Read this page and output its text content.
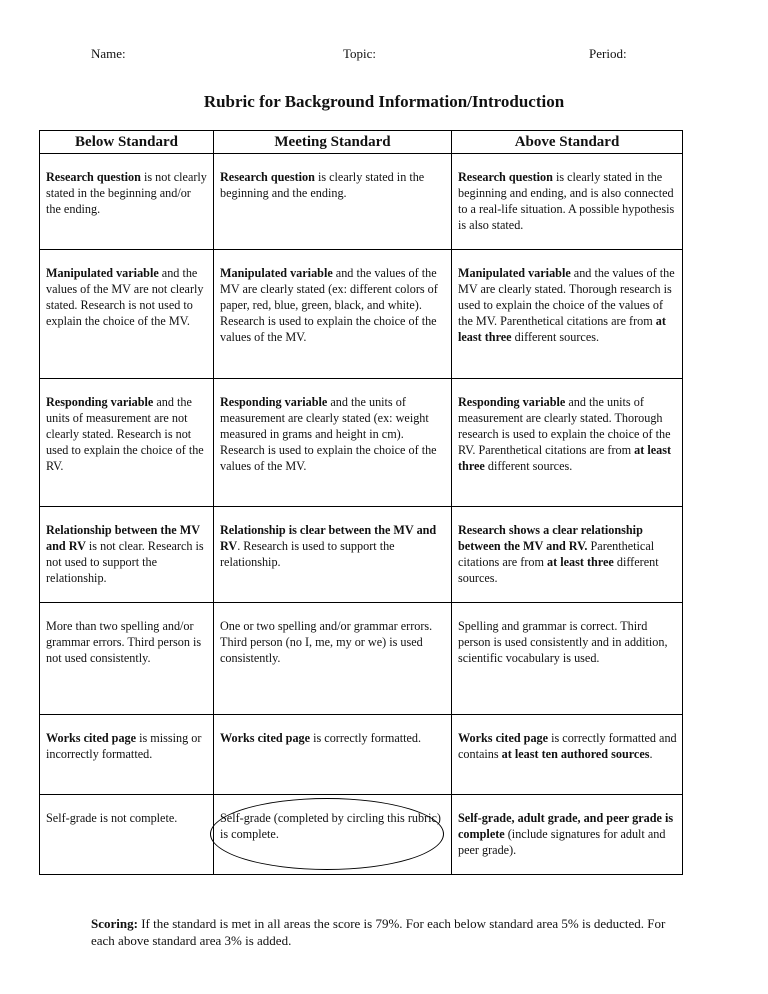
Name:	Topic:	Period:
Rubric for Background Information/Introduction
Below Standard	Meeting Standard	Above Standard
Research question is not clearly stated in the beginning and/or the ending.	Research question is clearly stated in the beginning and the ending.	Research question is clearly stated in the beginning and ending, and is also connected to a real-life situation. A possible hypothesis is also stated.
Manipulated variable and the values of the MV are not clearly stated. Research is not used to explain the choice of the MV.	Manipulated variable and the values of the MV are clearly stated (ex: different colors of paper, red, blue, green, black, and white). Research is used to explain the choice of the values of the MV.	Manipulated variable and the values of the MV are clearly stated. Thorough research is used to explain the choice of the values of the MV. Parenthetical citations are from at least three different sources.
Responding variable and the units of measurement are not clearly stated. Research is not used to explain the choice of the RV.	Responding variable and the units of measurement are clearly stated (ex: weight measured in grams and height in cm). Research is used to explain the choice of the values of the MV.	Responding variable and the units of measurement are clearly stated. Thorough research is used to explain the choice of the RV. Parenthetical citations are from at least three different sources.
Relationship between the MV and RV is not clear. Research is not used to support the relationship.	Relationship is clear between the MV and RV. Research is used to support the relationship.	Research shows a clear relationship between the MV and RV. Parenthetical citations are from at least three different sources.
More than two spelling and/or grammar errors. Third person is not used consistently.	One or two spelling and/or grammar errors. Third person (no I, me, my or we) is used consistently.	Spelling and grammar is correct. Third person is used consistently and in addition, scientific vocabulary is used.
Works cited page is missing or incorrectly formatted.	Works cited page is correctly formatted.	Works cited page is correctly formatted and contains at least ten authored sources.
Self-grade is not complete.	Self-grade (completed by circling this rubric) is complete.	Self-grade, adult grade, and peer grade is complete (include signatures for adult and peer grade).
Scoring: If the standard is met in all areas the score is 79%. For each below standard area 5% is deducted. For each above standard area 3% is added.
